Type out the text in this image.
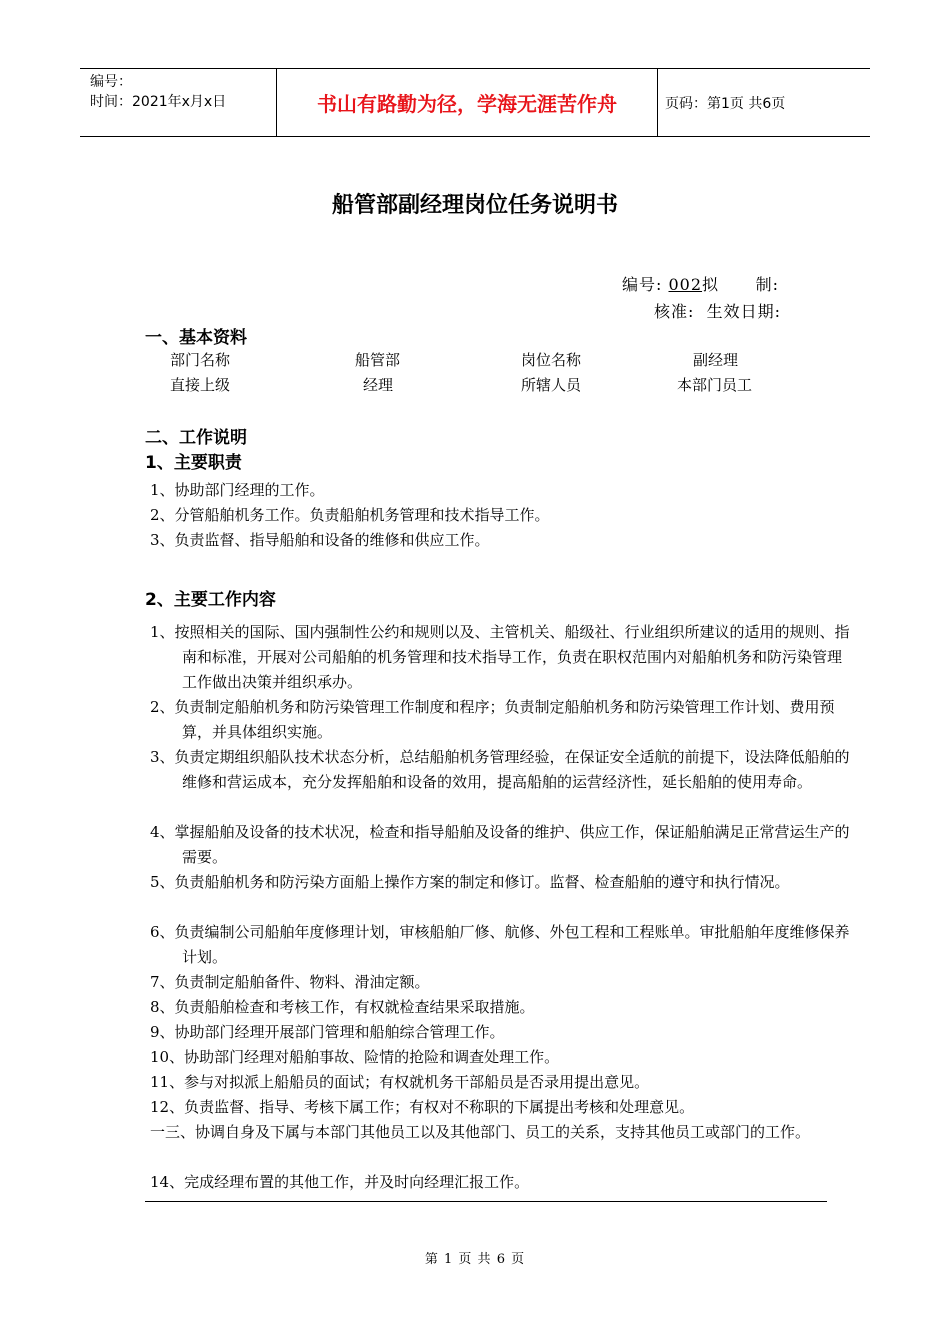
编号：
时间：2021年x月x日	书山有路勤为径，学海无涯苦作舟	页码：第1页 共6页
船管部副经理岗位任务说明书
编号: 002拟      制:
核准:  生效日期:
一、基本资料
部门名称	船管部	岗位名称	副经理
直接上级	经理	所辖人员	本部门员工
二、工作说明
1、主要职责
1、协助部门经理的工作。
2、分管船舶机务工作。负责船舶机务管理和技术指导工作。
3、负责监督、指导船舶和设备的维修和供应工作。
2、主要工作内容
1、按照相关的国际、国内强制性公约和规则以及、主管机关、船级社、行业组织所建议的适用的规则、指南和标准，开展对公司船舶的机务管理和技术指导工作，负责在职权范围内对船舶机务和防污染管理工作做出决策并组织承办。
2、负责制定船舶机务和防污染管理工作制度和程序；负责制定船舶机务和防污染管理工作计划、费用预算，并具体组织实施。
3、负责定期组织船队技术状态分析，总结船舶机务管理经验，在保证安全适航的前提下，设法降低船舶的维修和营运成本，充分发挥船舶和设备的效用，提高船舶的运营经济性，延长船舶的使用寿命。
4、掌握船舶及设备的技术状况，检查和指导船舶及设备的维护、供应工作，保证船舶满足正常营运生产的需要。
5、负责船舶机务和防污染方面船上操作方案的制定和修订。监督、检查船舶的遵守和执行情况。
6、负责编制公司船舶年度修理计划，审核船舶厂修、航修、外包工程和工程账单。审批船舶年度维修保养计划。
7、负责制定船舶备件、物料、滑油定额。
8、负责船舶检查和考核工作，有权就检查结果采取措施。
9、协助部门经理开展部门管理和船舶综合管理工作。
10、协助部门经理对船舶事故、险情的抢险和调查处理工作。
11、参与对拟派上船船员的面试；有权就机务干部船员是否录用提出意见。
12、负责监督、指导、考核下属工作；有权对不称职的下属提出考核和处理意见。
一三、协调自身及下属与本部门其他员工以及其他部门、员工的关系，支持其他员工或部门的工作。
14、完成经理布置的其他工作，并及时向经理汇报工作。
第 1 页 共 6 页
